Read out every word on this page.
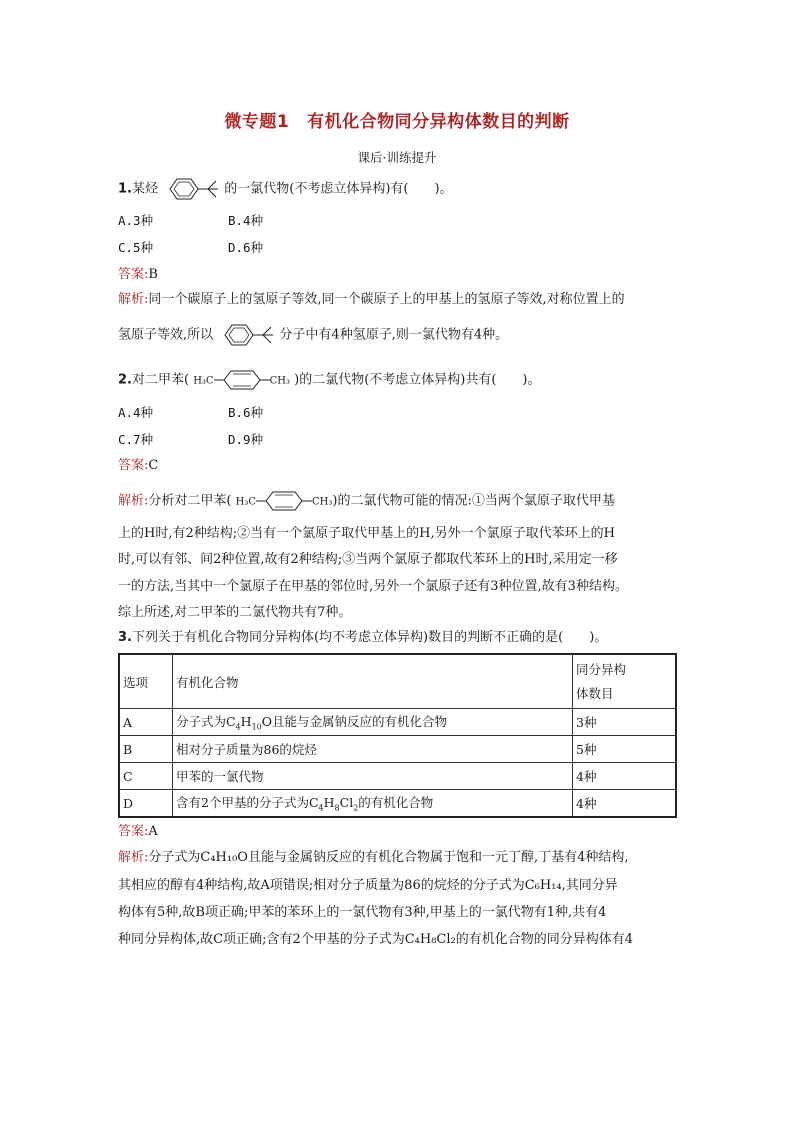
微专题1 有机化合物同分异构体数目的判断
课后·训练提升
1.某烃	的一氯代物(不考虑立体异构)有(　　)。
A.3种	B.4种
C.5种	D.6种
答案:B
解析:同一个碳原子上的氢原子等效,同一个碳原子上的甲基上的氢原子等效,对称位置上的
氢原子等效,所以	分子中有4种氢原子,则一氯代物有4种。
2.对二甲苯( H₃C	CH₃ )的二氯代物(不考虑立体异构)共有(　　)。
A.4种	B.6种
C.7种	D.9种
答案:C
解析:分析对二甲苯( H₃C	CH₃)的二氯代物可能的情况:①当两个氯原子取代甲基
上的H时,有2种结构;②当有一个氯原子取代甲基上的H,另外一个氯原子取代苯环上的H
时,可以有邻、间2种位置,故有2种结构;③当两个氯原子都取代苯环上的H时,采用定一移
一的方法,当其中一个氯原子在甲基的邻位时,另外一个氯原子还有3种位置,故有3种结构。
综上所述,对二甲苯的二氯代物共有7种。
3.下列关于有机化合物同分异构体(均不考虑立体异构)数目的判断不正确的是(　　)。
选项	有机化合物	同分异构
体数目

A	分子式为$C_4H_{10}O$且能与金属钠反应的有机化合物	3种
B	相对分子质量为86的烷烃	5种
C	甲苯的一氯代物	4种
D	含有2个甲基的分子式为$C_4H_8Cl_2$的有机化合物	4种
答案:A
解析:分子式为C₄H₁₀O且能与金属钠反应的有机化合物属于饱和一元丁醇,丁基有4种结构,
其相应的醇有4种结构,故A项错误;相对分子质量为86的烷烃的分子式为C₆H₁₄,其同分异
构体有5种,故B项正确;甲苯的苯环上的一氯代物有3种,甲基上的一氯代物有1种,共有4
种同分异构体,故C项正确;含有2个甲基的分子式为C₄H₈Cl₂的有机化合物的同分异构体有4
